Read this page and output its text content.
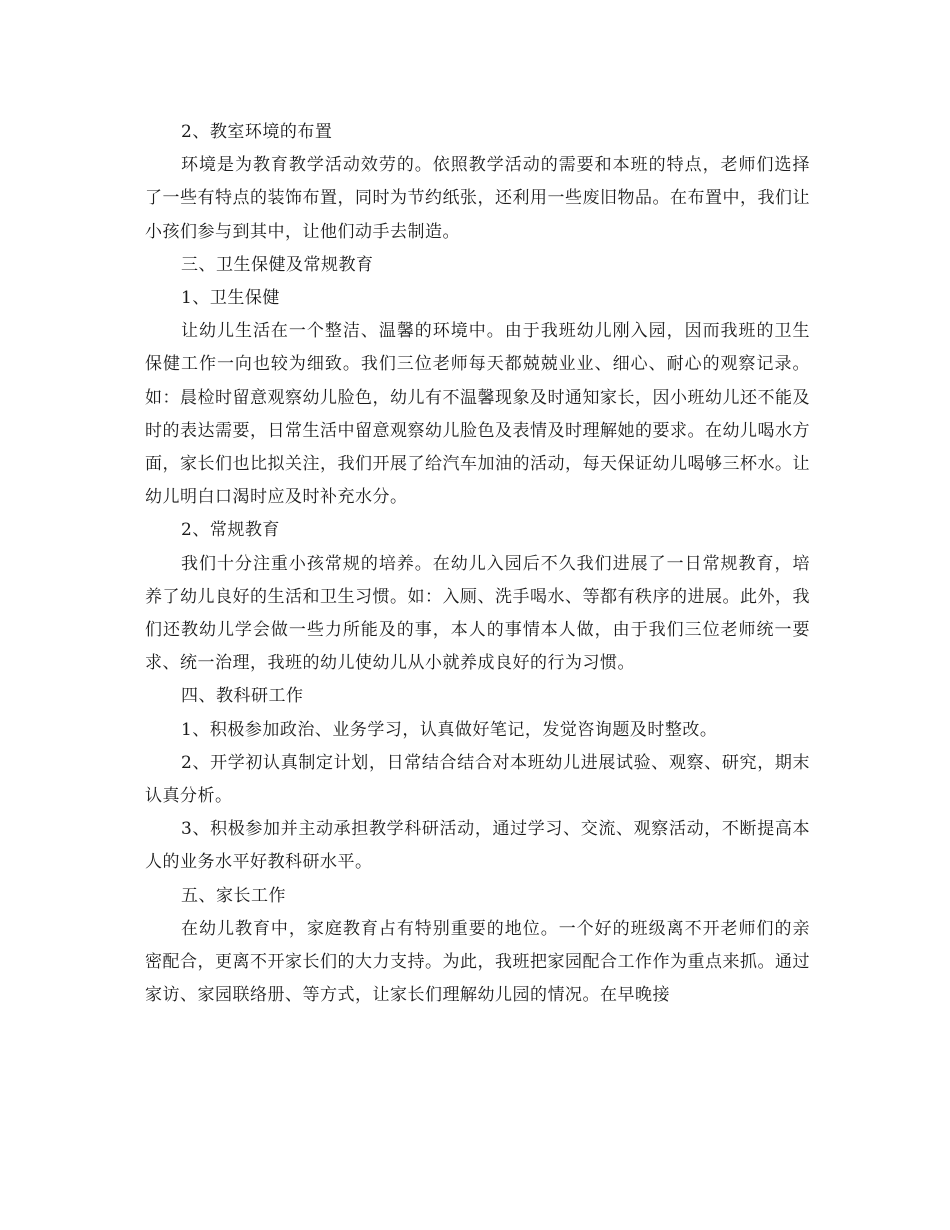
2、教室环境的布置

环境是为教育教学活动效劳的。依照教学活动的需要和本班的特点，老师们选择了一些有特点的装饰布置，同时为节约纸张，还利用一些废旧物品。在布置中，我们让小孩们参与到其中，让他们动手去制造。

三、卫生保健及常规教育

1、卫生保健

让幼儿生活在一个整洁、温馨的环境中。由于我班幼儿刚入园，因而我班的卫生保健工作一向也较为细致。我们三位老师每天都兢兢业业、细心、耐心的观察记录。如：晨检时留意观察幼儿脸色，幼儿有不温馨现象及时通知家长，因小班幼儿还不能及时的表达需要，日常生活中留意观察幼儿脸色及表情及时理解她的要求。在幼儿喝水方面，家长们也比拟关注，我们开展了给汽车加油的活动，每天保证幼儿喝够三杯水。让幼儿明白口渴时应及时补充水分。

2、常规教育

我们十分注重小孩常规的培养。在幼儿入园后不久我们进展了一日常规教育，培养了幼儿良好的生活和卫生习惯。如：入厕、洗手喝水、等都有秩序的进展。此外，我们还教幼儿学会做一些力所能及的事，本人的事情本人做，由于我们三位老师统一要求、统一治理，我班的幼儿使幼儿从小就养成良好的行为习惯。

四、教科研工作

1、积极参加政治、业务学习，认真做好笔记，发觉咨询题及时整改。

2、开学初认真制定计划，日常结合结合对本班幼儿进展试验、观察、研究，期末认真分析。

3、积极参加并主动承担教学科研活动，通过学习、交流、观察活动，不断提高本人的业务水平好教科研水平。

五、家长工作

在幼儿教育中，家庭教育占有特别重要的地位。一个好的班级离不开老师们的亲密配合，更离不开家长们的大力支持。为此，我班把家园配合工作作为重点来抓。通过家访、家园联络册、等方式，让家长们理解幼儿园的情况。在早晚接
